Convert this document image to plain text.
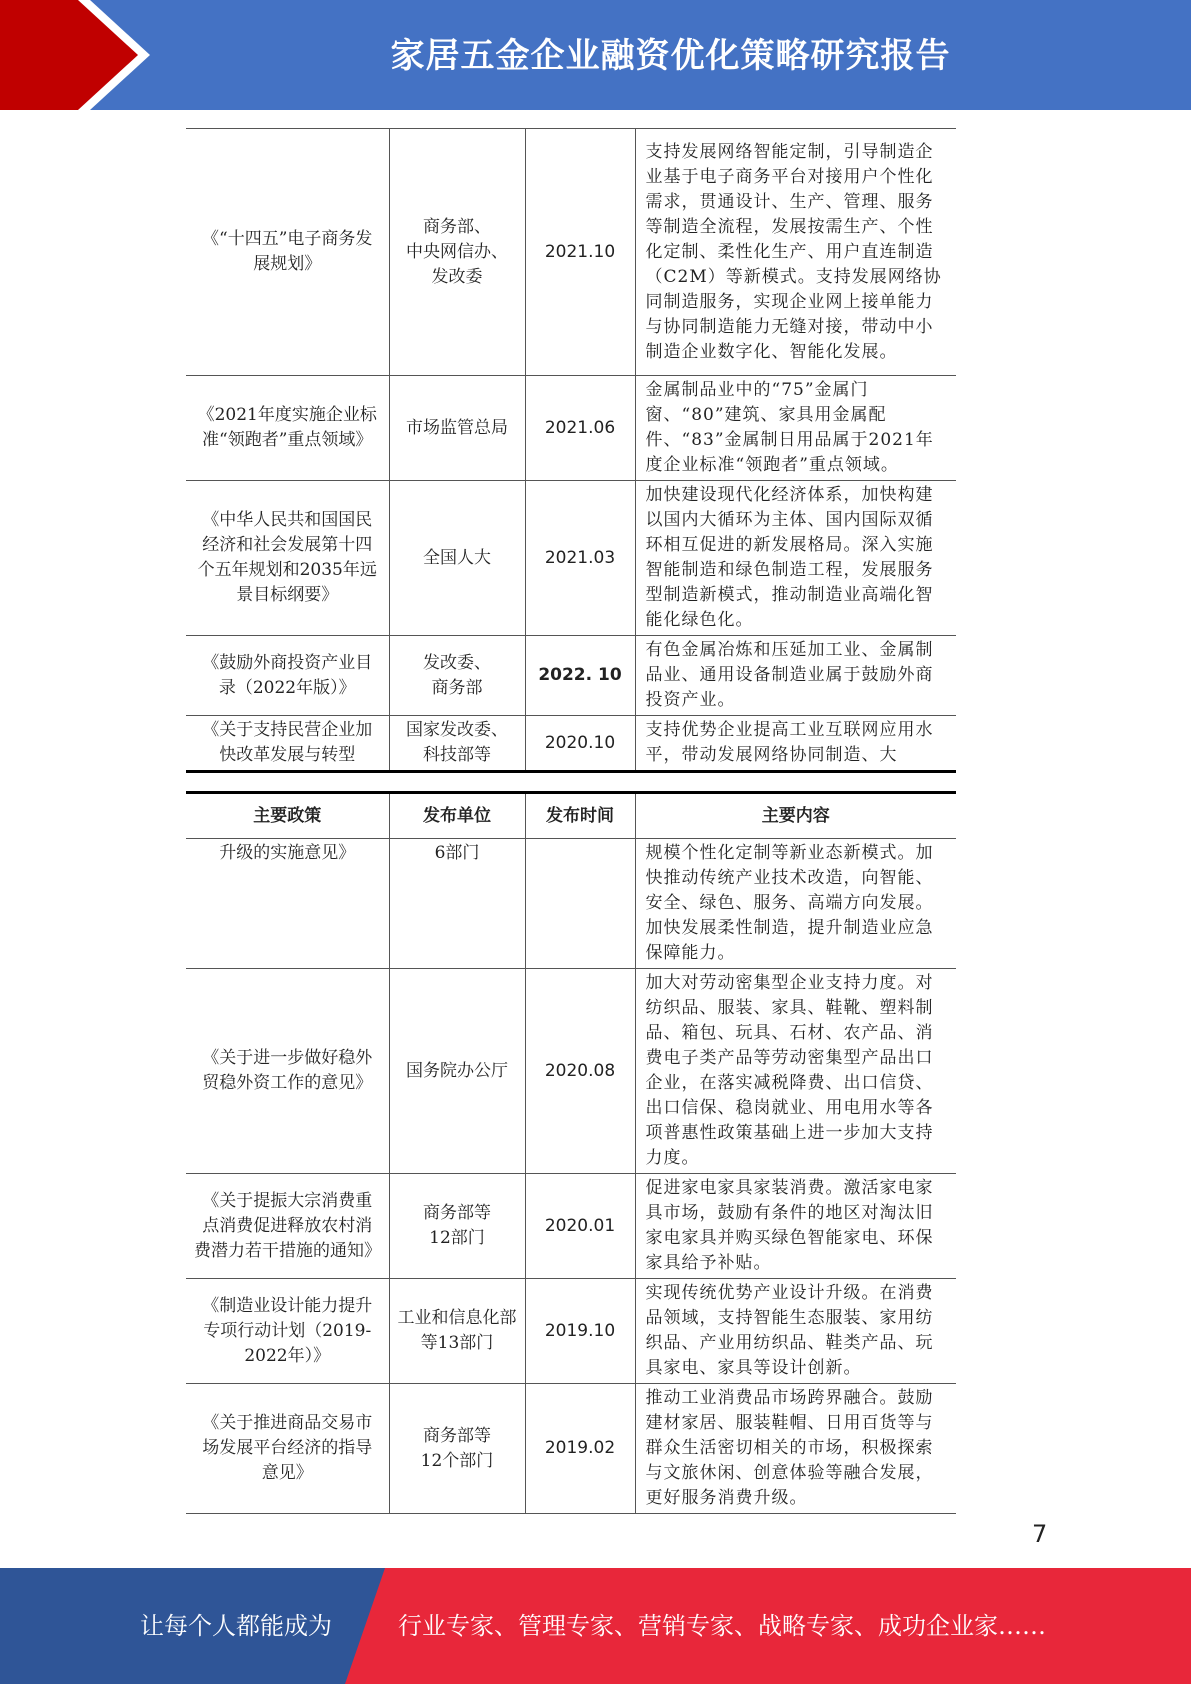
家居五金企业融资优化策略研究报告
《“十四五”电子商务发展规划》	商务部、
中央网信办、
发改委	2021.10	支持发展网络智能定制，引导制造企业基于电子商务平台对接用户个性化需求，贯通设计、生产、管理、服务等制造全流程，发展按需生产、个性化定制、柔性化生产、用户直连制造（C2M）等新模式。支持发展网络协同制造服务，实现企业网上接单能力与协同制造能力无缝对接，带动中小制造企业数字化、智能化发展。
《2021年度实施企业标准“领跑者”重点领域》	市场监管总局	2021.06	金属制品业中的“75”金属门窗、“80”建筑、家具用金属配件、“83”金属制日用品属于2021年度企业标准“领跑者”重点领域。
《中华人民共和国国民经济和社会发展第十四个五年规划和2035年远景目标纲要》	全国人大	2021.03	加快建设现代化经济体系，加快构建以国内大循环为主体、国内国际双循环相互促进的新发展格局。深入实施智能制造和绿色制造工程，发展服务型制造新模式，推动制造业高端化智能化绿色化。
《鼓励外商投资产业目录（2022年版）》	发改委、
商务部	2022. 10	有色金属冶炼和压延加工业、金属制品业、通用设备制造业属于鼓励外商投资产业。
《关于支持民营企业加快改革发展与转型	国家发改委、
科技部等	2020.10	支持优势企业提高工业互联网应用水平，带动发展网络协同制造、大
主要政策	发布单位	发布时间	主要内容
升级的实施意见》	6部门		规模个性化定制等新业态新模式。加快推动传统产业技术改造，向智能、安全、绿色、服务、高端方向发展。加快发展柔性制造，提升制造业应急保障能力。
《关于进一步做好稳外贸稳外资工作的意见》	国务院办公厅	2020.08	加大对劳动密集型企业支持力度。对纺织品、服装、家具、鞋靴、塑料制品、箱包、玩具、石材、农产品、消费电子类产品等劳动密集型产品出口企业，在落实减税降费、出口信贷、出口信保、稳岗就业、用电用水等各项普惠性政策基础上进一步加大支持力度。
《关于提振大宗消费重点消费促进释放农村消费潜力若干措施的通知》	商务部等
12部门	2020.01	促进家电家具家装消费。激活家电家具市场，鼓励有条件的地区对淘汰旧家电家具并购买绿色智能家电、环保家具给予补贴。
《制造业设计能力提升专项行动计划（2019-2022年）》	工业和信息化部等13部门	2019.10	实现传统优势产业设计升级。在消费品领域，支持智能生态服装、家用纺织品、产业用纺织品、鞋类产品、玩具家电、家具等设计创新。
《关于推进商品交易市场发展平台经济的指导意见》	商务部等
12个部门	2019.02	推动工业消费品市场跨界融合。鼓励建材家居、服装鞋帽、日用百货等与群众生活密切相关的市场，积极探索与文旅休闲、创意体验等融合发展，更好服务消费升级。
7
让每个人都能成为	行业专家、管理专家、营销专家、战略专家、成功企业家……
